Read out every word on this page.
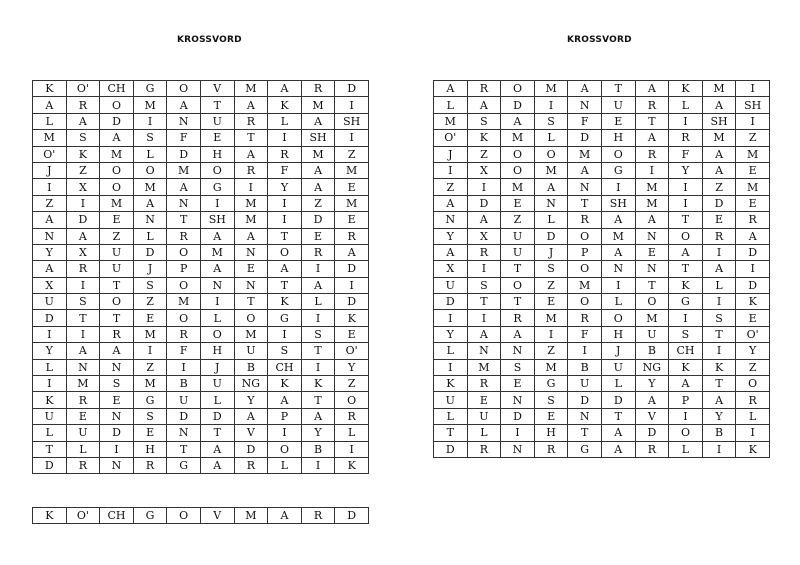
KROSSVORD	KROSSVORD
K	O'	CH	G	O	V	M	A	R	D
A	R	O	M	A	T	A	K	M	I
L	A	D	I	N	U	R	L	A	SH
M	S	A	S	F	E	T	I	SH	I
O'	K	M	L	D	H	A	R	M	Z
J	Z	O	O	M	O	R	F	A	M
I	X	O	M	A	G	I	Y	A	E
Z	I	M	A	N	I	M	I	Z	M
A	D	E	N	T	SH	M	I	D	E
N	A	Z	L	R	A	A	T	E	R
Y	X	U	D	O	M	N	O	R	A
A	R	U	J	P	A	E	A	I	D
X	I	T	S	O	N	N	T	A	I
U	S	O	Z	M	I	T	K	L	D
D	T	T	E	O	L	O	G	I	K
I	I	R	M	R	O	M	I	S	E
Y	A	A	I	F	H	U	S	T	O'
L	N	N	Z	I	J	B	CH	I	Y
I	M	S	M	B	U	NG	K	K	Z
K	R	E	G	U	L	Y	A	T	O
U	E	N	S	D	D	A	P	A	R
L	U	D	E	N	T	V	I	Y	L
T	L	I	H	T	A	D	O	B	I
D	R	N	R	G	A	R	L	I	K
A	R	O	M	A	T	A	K	M	I
L	A	D	I	N	U	R	L	A	SH
M	S	A	S	F	E	T	I	SH	I
O'	K	M	L	D	H	A	R	M	Z
J	Z	O	O	M	O	R	F	A	M
I	X	O	M	A	G	I	Y	A	E
Z	I	M	A	N	I	M	I	Z	M
A	D	E	N	T	SH	M	I	D	E
N	A	Z	L	R	A	A	T	E	R
Y	X	U	D	O	M	N	O	R	A
A	R	U	J	P	A	E	A	I	D
X	I	T	S	O	N	N	T	A	I
U	S	O	Z	M	I	T	K	L	D
D	T	T	E	O	L	O	G	I	K
I	I	R	M	R	O	M	I	S	E
Y	A	A	I	F	H	U	S	T	O'
L	N	N	Z	I	J	B	CH	I	Y
I	M	S	M	B	U	NG	K	K	Z
K	R	E	G	U	L	Y	A	T	O
U	E	N	S	D	D	A	P	A	R
L	U	D	E	N	T	V	I	Y	L
T	L	I	H	T	A	D	O	B	I
D	R	N	R	G	A	R	L	I	K
K	O'	CH	G	O	V	M	A	R	D
